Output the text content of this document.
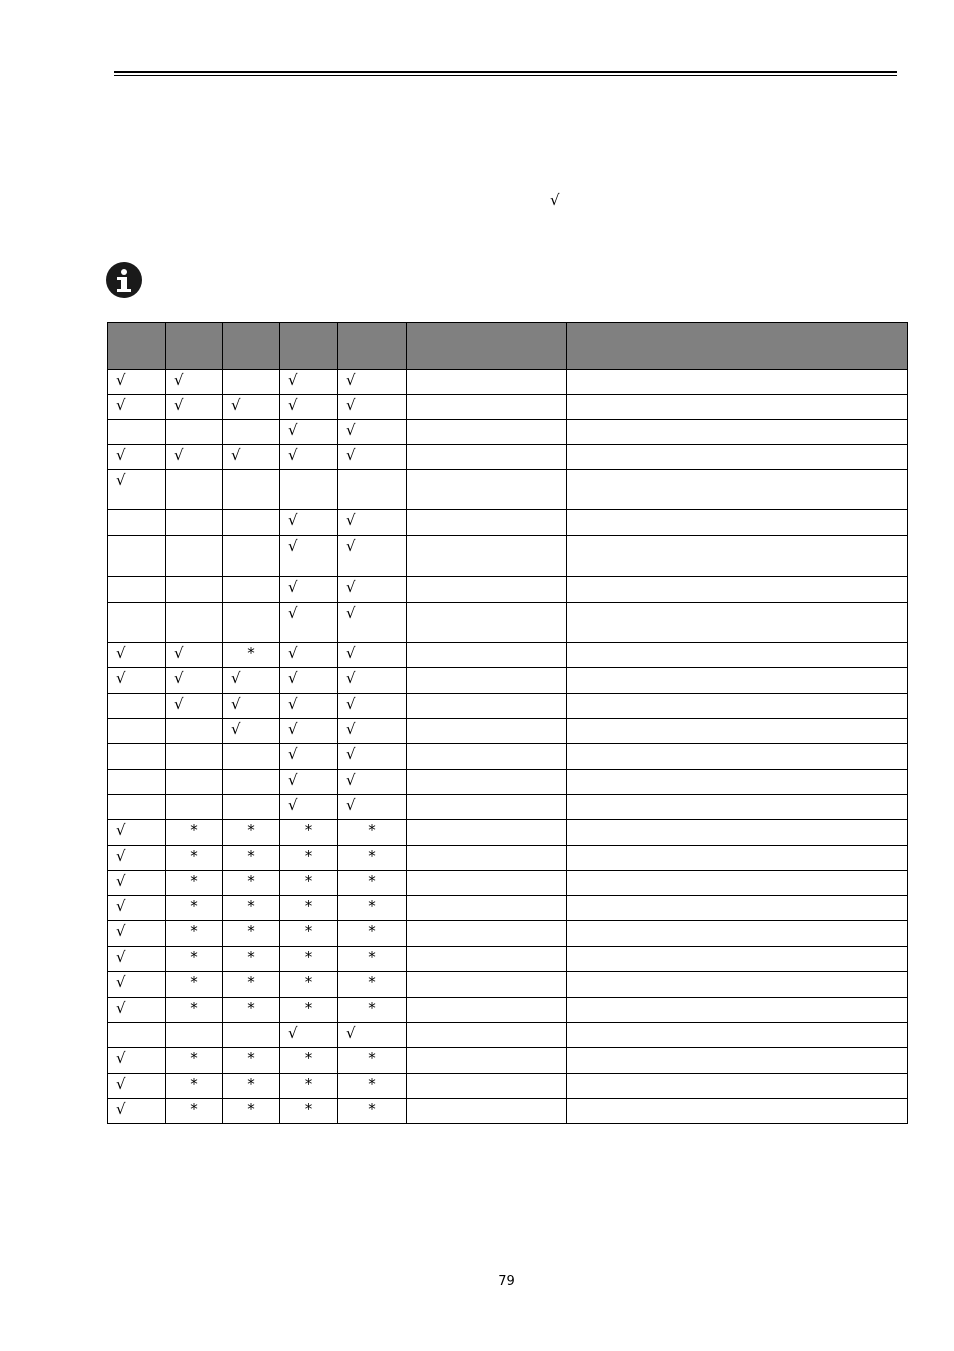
√

√	√		√	√		
√	√	√	√	√		
			√	√		
√	√	√	√	√		
√						
			√	√		
			√	√		
			√	√		
			√	√		
√	√	*	√	√		
√	√	√	√	√		
	√	√	√	√		
		√	√	√		
			√	√		
			√	√		
			√	√		
√	*	*	*	*		
√	*	*	*	*		
√	*	*	*	*		
√	*	*	*	*		
√	*	*	*	*		
√	*	*	*	*		
√	*	*	*	*		
√	*	*	*	*		
			√	√		
√	*	*	*	*		
√	*	*	*	*		
√	*	*	*	*		
79
